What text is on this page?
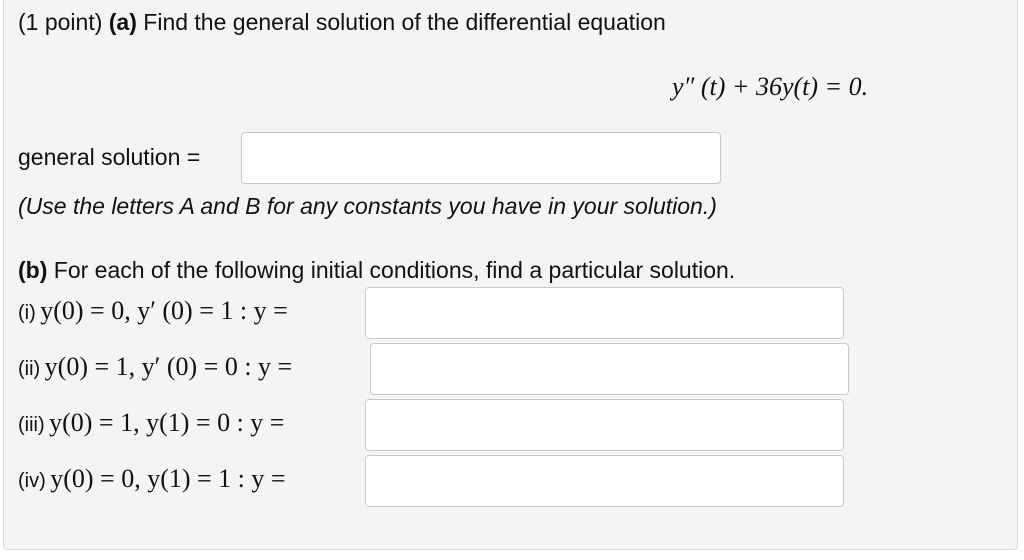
(1 point) (a) Find the general solution of the differential equation
y″ (t) + 36y(t) = 0.
general solution =
(Use the letters A and B for any constants you have in your solution.)
(b) For each of the following initial conditions, find a particular solution.
(i) y(0) = 0, y′ (0) = 1 : y =
(ii) y(0) = 1, y′ (0) = 0 : y =
(iii) y(0) = 1, y(1) = 0 : y =
(iv) y(0) = 0, y(1) = 1 : y =
